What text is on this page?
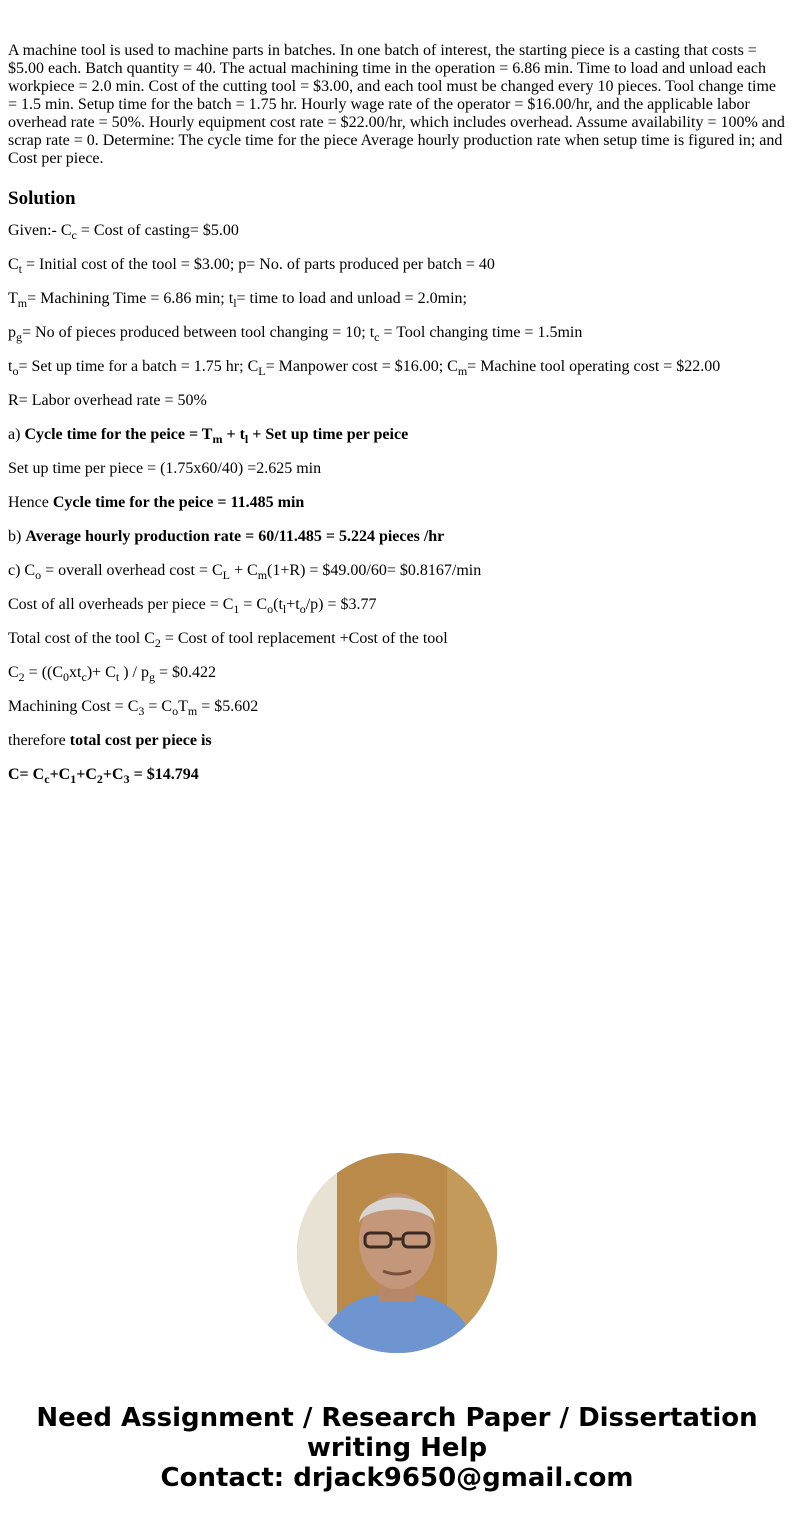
A machine tool is used to machine parts in batches. In one batch of interest, the starting piece is a casting that costs = $5.00 each. Batch quantity = 40. The actual machining time in the operation = 6.86 min. Time to load and unload each workpiece = 2.0 min. Cost of the cutting tool = $3.00, and each tool must be changed every 10 pieces. Tool change time = 1.5 min. Setup time for the batch = 1.75 hr. Hourly wage rate of the operator = $16.00/hr, and the applicable labor overhead rate = 50%. Hourly equipment cost rate = $22.00/hr, which includes overhead. Assume availability = 100% and scrap rate = 0. Determine: The cycle time for the piece Average hourly production rate when setup time is figured in; and Cost per piece.

Solution

Given:- $C_c$ = Cost of casting= $5.00

$C_t$ = Initial cost of the tool = $3.00; p= No. of parts produced per batch = 40

$T_m=$ Machining Time = 6.86 min; $t_l=$ time to load and unload = 2.0min;

$p_g= No$ of pieces produced between tool changing = 10; $t_c$ = Tool changing time = 1.5min

$t_o=$ Set up time for a batch = 1.75 hr; $C_L=$ Manpower cost = $16.00; $C_m=$ Machine tool operating cost = $22.00

R= Labor overhead rate = 50%

a) Cycle time for the peice = $T_m + t_l$ + Set up time per peice

Set up time per piece = (1.75x60/40) =2.625 min

Hence Cycle time for the peice = 11.485 min

b) Average hourly production rate = 60/11.485 = 5.224 pieces /hr

c) $C_o$ = overall overhead $\cos t = C_L + C_m(1+R)$ = $49.00/60= $0.8167/min

Cost of all overheads per piece = $C_1 = C_o(t_l+t_o/p)$ = $3.77

Total cost of the tool $C_2$ = Cost of tool replacement +Cost of the tool

$C_2 = ((C_0xt_c)+ C_t$ ) / $p_g$ = $0.422

Machining Cost = $C_3 = C_oT_m$ = $5.602

therefore total cost per piece is

$C= C_c+C_1+C_2+C_3$ = $14.794

Need Assignment / Research Paper / Dissertation
writing Help
Contact: drjack9650@gmail.com
